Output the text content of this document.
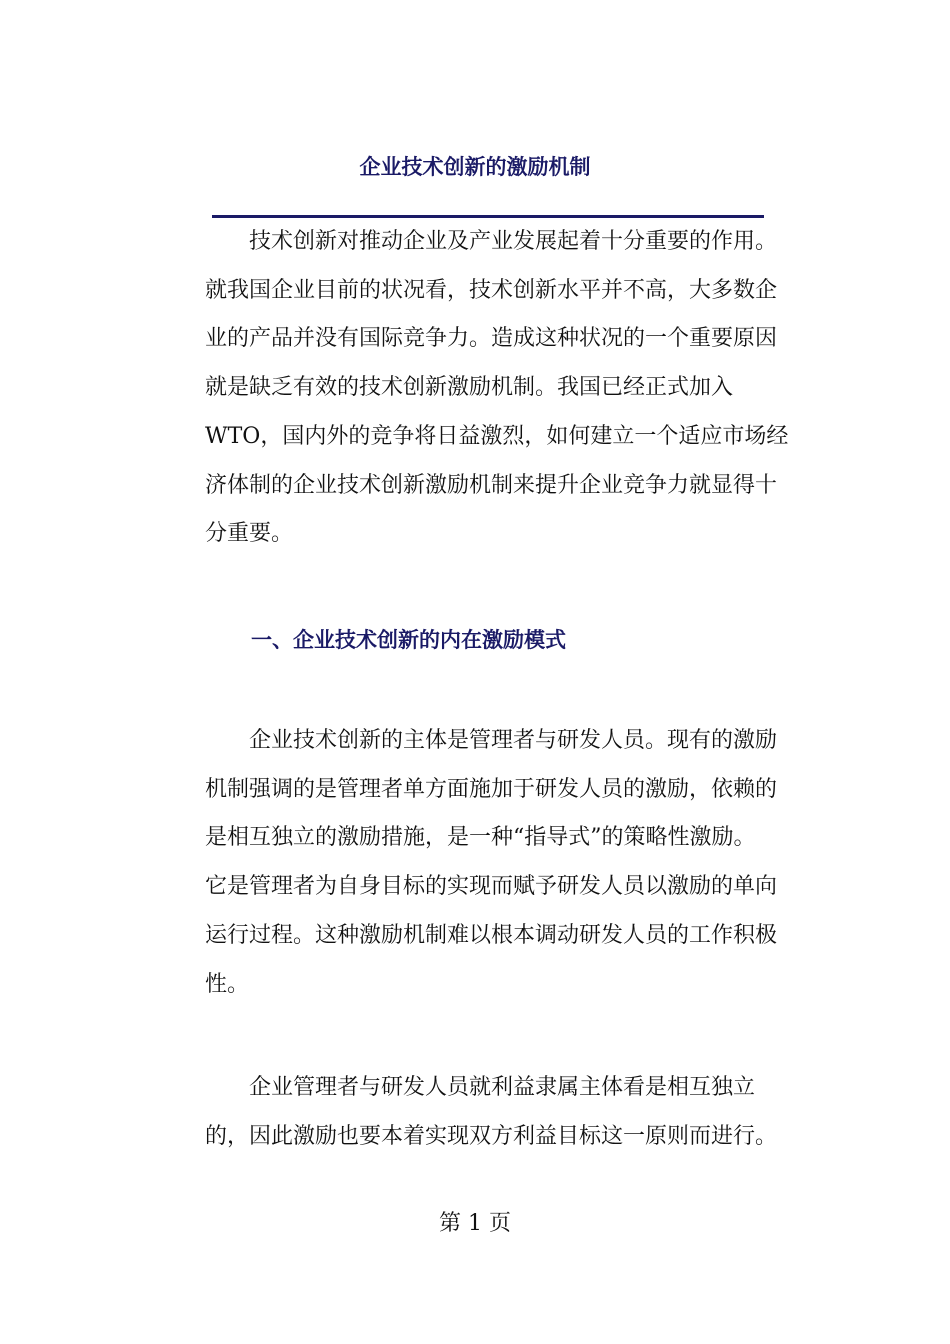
企业技术创新的激励机制

技术创新对推动企业及产业发展起着十分重要的作用。
就我国企业目前的状况看，技术创新水平并不高，大多数企
业的产品并没有国际竞争力。造成这种状况的一个重要原因
就是缺乏有效的技术创新激励机制。我国已经正式加入
WTO，国内外的竞争将日益激烈，如何建立一个适应市场经
济体制的企业技术创新激励机制来提升企业竞争力就显得十
分重要。

一、企业技术创新的内在激励模式

企业技术创新的主体是管理者与研发人员。现有的激励
机制强调的是管理者单方面施加于研发人员的激励，依赖的
是相互独立的激励措施，是一种“指导式”的策略性激励。
它是管理者为自身目标的实现而赋予研发人员以激励的单向
运行过程。这种激励机制难以根本调动研发人员的工作积极
性。

企业管理者与研发人员就利益隶属主体看是相互独立
的，因此激励也要本着实现双方利益目标这一原则而进行。

第 1 页
